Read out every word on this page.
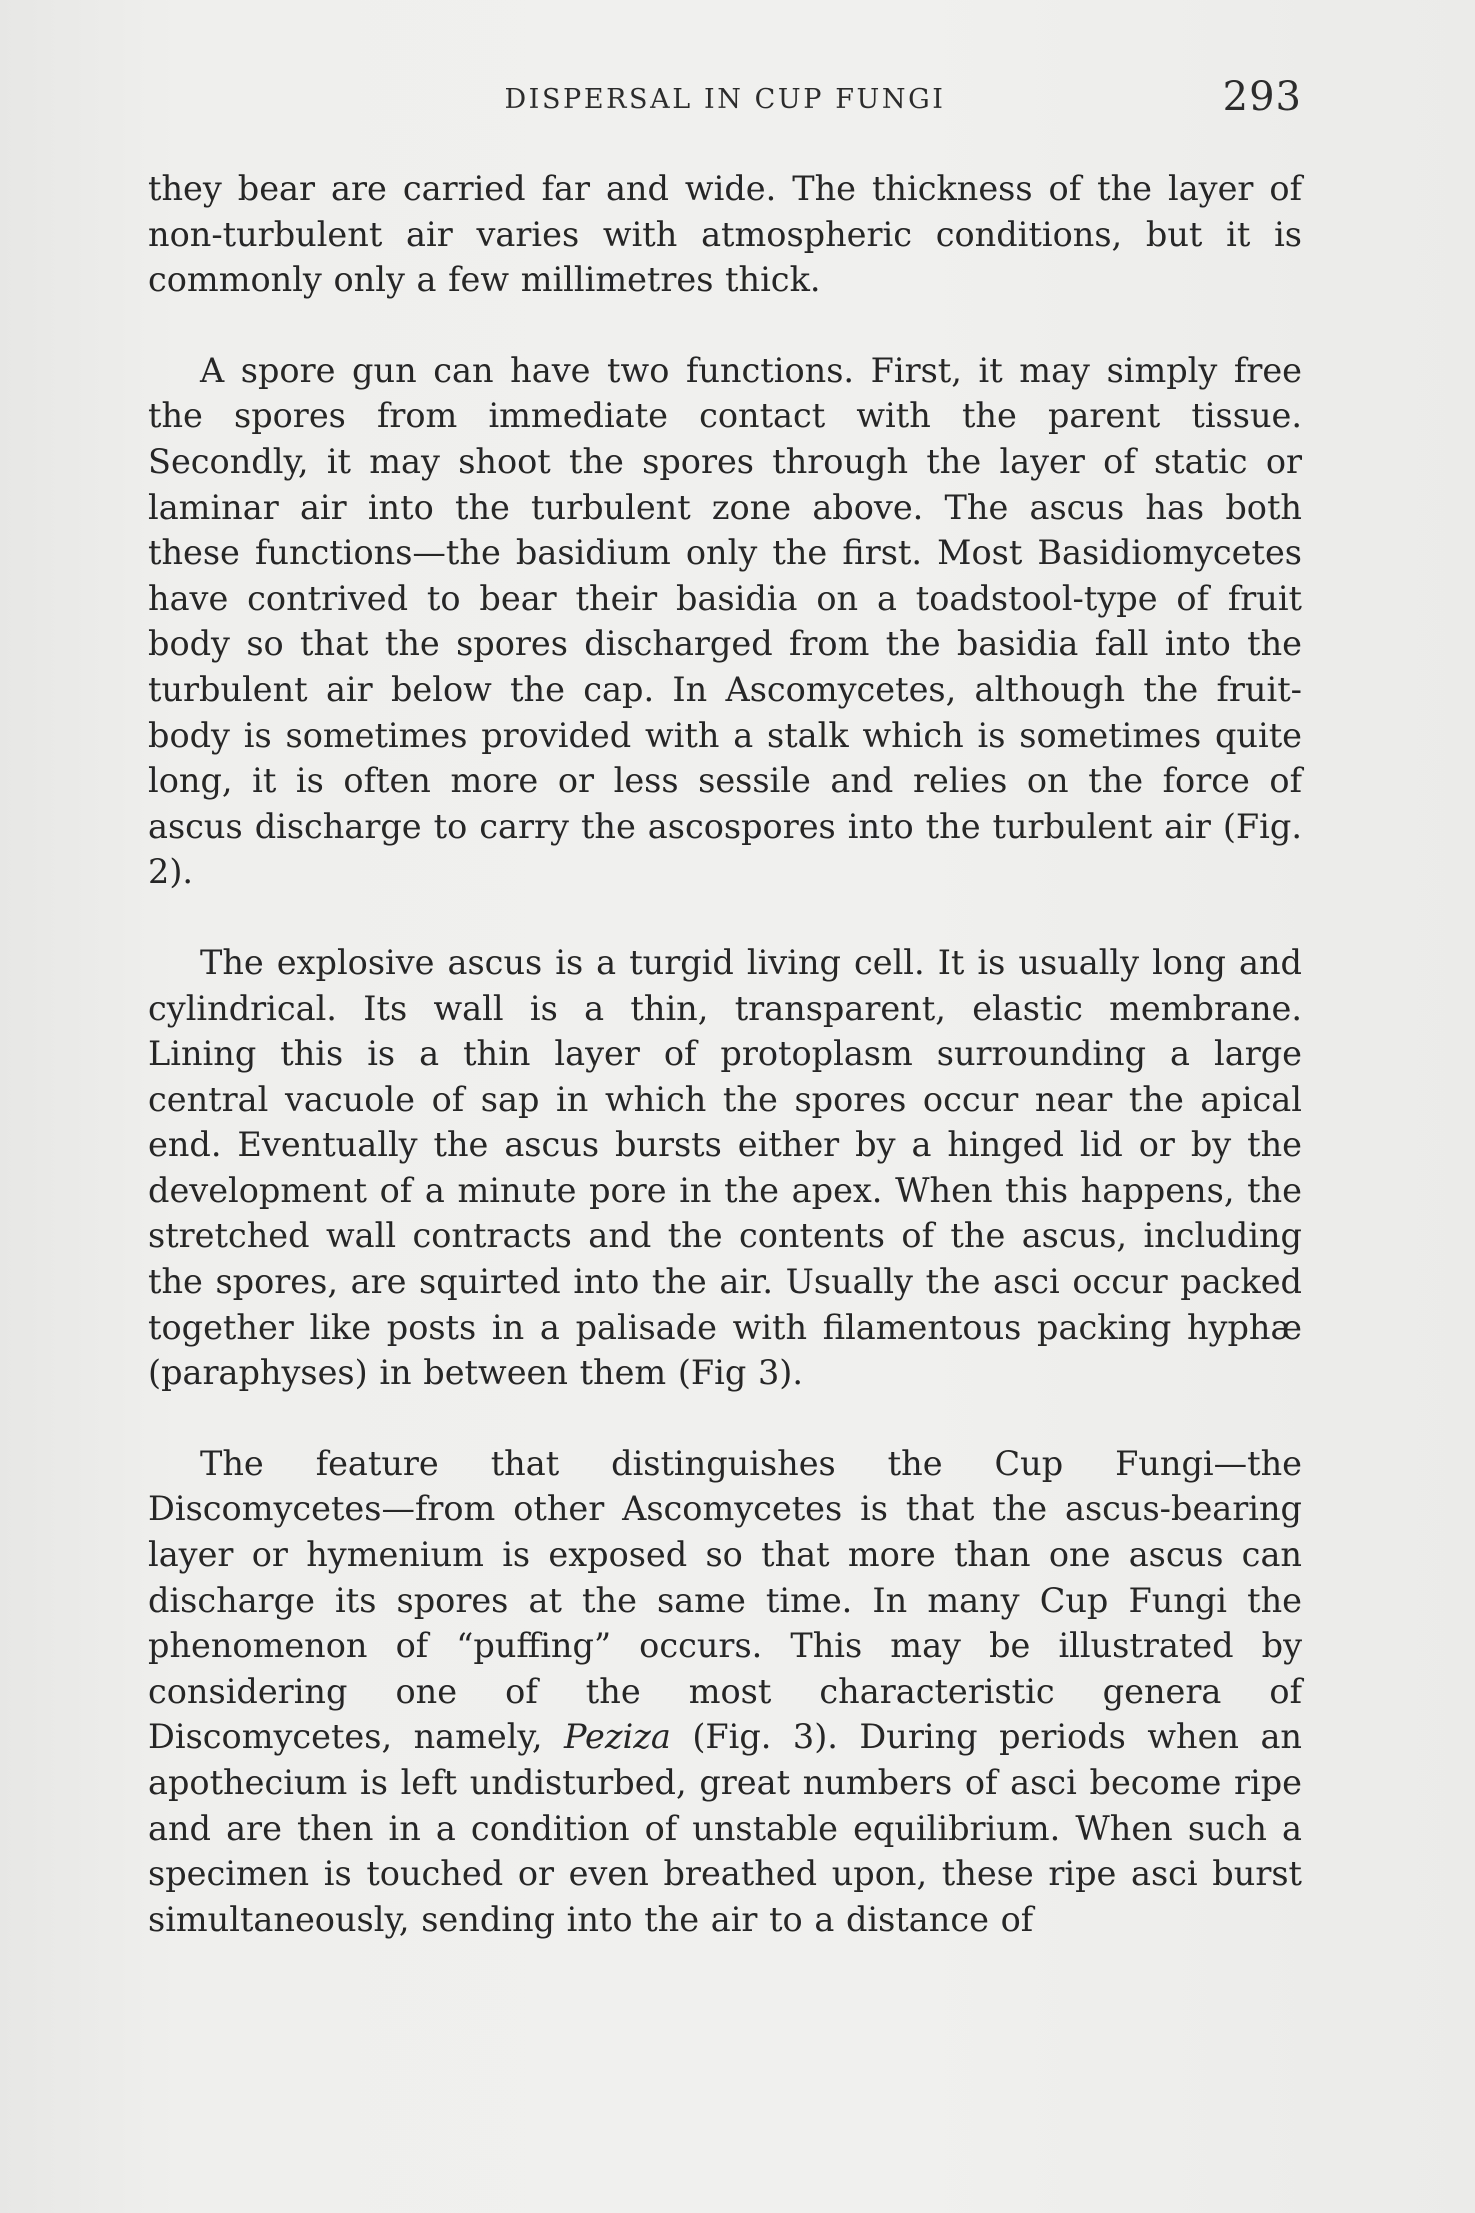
DISPERSAL IN CUP FUNGI	293

they bear are carried far and wide. The thickness of the layer of non-turbulent air varies with atmospheric conditions, but it is commonly only a few millimetres thick.

A spore gun can have two functions. First, it may simply free the spores from immediate contact with the parent tissue. Secondly, it may shoot the spores through the layer of static or laminar air into the turbulent zone above. The ascus has both these functions—the basidium only the first. Most Basidiomycetes have contrived to bear their basidia on a toadstool-type of fruit body so that the spores discharged from the basidia fall into the turbulent air below the cap. In Ascomycetes, although the fruit-body is sometimes provided with a stalk which is sometimes quite long, it is often more or less sessile and relies on the force of ascus discharge to carry the ascospores into the turbulent air (Fig. 2).

The explosive ascus is a turgid living cell. It is usually long and cylindrical. Its wall is a thin, transparent, elastic membrane. Lining this is a thin layer of protoplasm surrounding a large central vacuole of sap in which the spores occur near the apical end. Eventually the ascus bursts either by a hinged lid or by the development of a minute pore in the apex. When this happens, the stretched wall contracts and the contents of the ascus, including the spores, are squirted into the air. Usually the asci occur packed together like posts in a palisade with filamentous packing hyphæ (paraphyses) in between them (Fig 3).

The feature that distinguishes the Cup Fungi—the Discomycetes—from other Ascomycetes is that the ascus-bearing layer or hymenium is exposed so that more than one ascus can discharge its spores at the same time. In many Cup Fungi the phenomenon of “puffing” occurs. This may be illustrated by considering one of the most characteristic genera of Discomycetes, namely, Peziza (Fig. 3). During periods when an apothecium is left undisturbed, great numbers of asci become ripe and are then in a condition of unstable equilibrium. When such a specimen is touched or even breathed upon, these ripe asci burst simultaneously, sending into the air to a distance of
